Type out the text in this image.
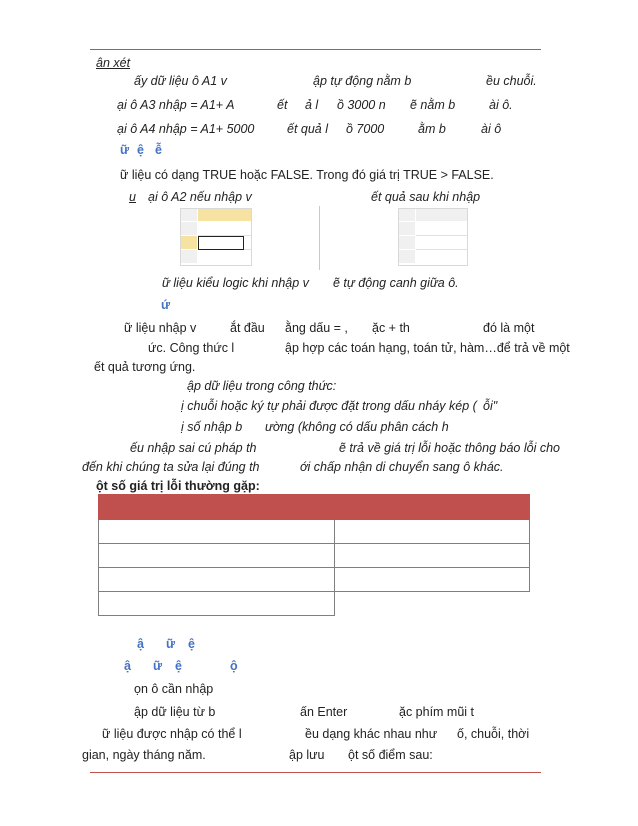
ân xét
ấy dữ liệu ô A1 v	ập tự động nằm b	ều chuỗi.
ại ô A3 nhập = A1+ A	ết ả l ồ 3000 n ẽ nằm b	ài ô.
ại ô A4 nhập = A1+ 5000	ết quả l ồ 7000	ằm b	ài ô
ữ ệ ễ
ữ liệu có dạng TRUE hoặc FALSE. Trong đó giá trị TRUE > FALSE.
u ại ô A2 nếu nhập v	ết quả sau khi nhập
ữ liệu kiểu logic khi nhập v ẽ tự động canh giữa ô.
ứ
ữ liệu nhập v	ắt đầu ằng dấu = , ặc + th	đó là một
ức. Công thức l	ập hợp các toán hạng, toán tử, hàm…để trả về một
ết quả tương ứng.
ập dữ liệu trong công thức:
ị chuỗi hoặc ký tự phải được đặt trong dấu nháy kép ( ỗi"
ị số nhập b ường (không có dấu phân cách h
ếu nhập sai cú pháp th	ẽ trả về giá trị lỗi hoặc thông báo lỗi cho
đến khi chúng ta sửa lại đúng th	ới chấp nhận di chuyển sang ô khác.
ột số giá trị lỗi thường gặp:

ậ ữ ệ
ậ ữ ệ	ộ
ọn ô cần nhập
ập dữ liệu từ b	ấn Enter	ặc phím mũi t
ữ liệu được nhập có thể l	ều dạng khác nhau như ố, chuỗi, thời
gian, ngày tháng năm.	ập lưu ột số điểm sau:
